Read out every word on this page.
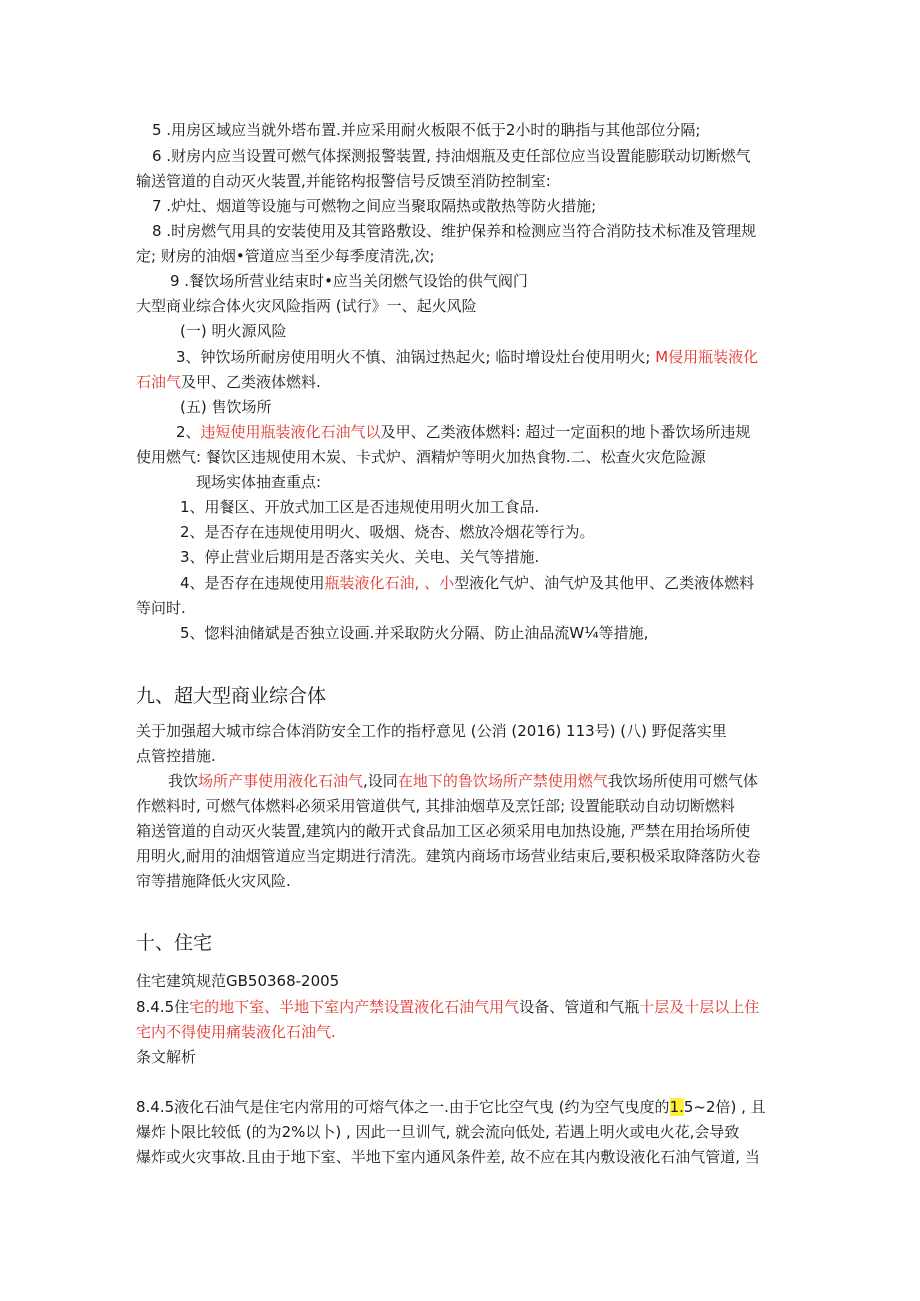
5 .用房区域应当就外塔布置.并应采用耐火板限不低于2小时的聃指与其他部位分隔;
6 .财房内应当设置可燃气体探测报警装置, 持油烟瓶及吏任部位应当设置能膨联动切断燃气
输送管道的自动灭火装置,并能铭构报警信号反馈至消防控制室:
7 .炉灶、烟道等设施与可燃物之间应当聚取隔热或散热等防火措施;
8 .时房燃气用具的安装使用及其管路敷设、维护保养和检测应当符合消防技术标准及管理规
定; 财房的油烟•管道应当至少每季度清洗,次;
9 .餐饮场所营业结束时•应当关闭燃气设饴的供气阀门
大型商业综合体火灾风险指两 (试行》一、起火风险
(一) 明火源风险
3、钟饮场所耐房使用明火不慎、油锅过热起火; 临时增设灶台使用明火; M侵用瓶装液化
石油气及甲、乙类液体燃料.
(五) 售饮场所
2、违短使用瓶装液化石油气以及甲、乙类液体燃料: 超过一定面积的地卜番饮场所违规
使用燃气: 餐饮区违规使用木炭、卡式炉、酒精炉等明火加热食物.二、松查火灾危险源
现场实体抽查重点:
1、用餐区、开放式加工区是否违规使用明火加工食品.
2、是否存在违规使用明火、吸烟、烧杏、燃放冷烟花等行为。
3、停止营业后期用是否落实关火、关电、关气等措施.
4、是否存在违规使用瓶装液化石油, 、小型液化气炉、油气炉及其他甲、乙类液体燃料
等问时.
5、惚料油储斌是否独立设画.并采取防火分隔、防止油品流W¼等措施,
九、超大型商业综合体
关于加强超大城市综合体消防安全工作的指杼意见 (公消 (2016) 113号) (八) 野促落实里
点管控措施.
我饮场所产事使用液化石油气,设同在地下的鲁饮场所产禁使用燃气我饮场所使用可燃气体
作燃料时, 可燃气体燃料必须采用管道供气, 其排油烟草及烹饪部; 设置能联动自动切断燃料
箱送管道的自动灭火装置,建筑内的敞开式食品加工区必须采用电加热设施, 严禁在用抬场所使
用明火,耐用的油烟管道应当定期进行清洗。建筑内商场市场营业结束后,要积极采取降落防火卷
帘等措施降低火灾风险.
十、住宅
住宅建筑规范GB50368-2005
8.4.5住宅的地下室、半地下室内产禁设置液化石油气用气设备、管道和气瓶十层及十层以上住
宅内不得使用痛装液化石油气.
条文解析
8.4.5液化石油气是住宅内常用的可熔气体之一.由于它比空气曳 (约为空气曳度的1.5~2倍) , 且
爆炸卜限比较低 (的为2%以卜) , 因此一旦训气, 就会流向低处, 若遇上明火或电火花,会导致
爆炸或火灾事故.且由于地下室、半地下室内通风条件差, 故不应在其内敷设液化石油气管道, 当
